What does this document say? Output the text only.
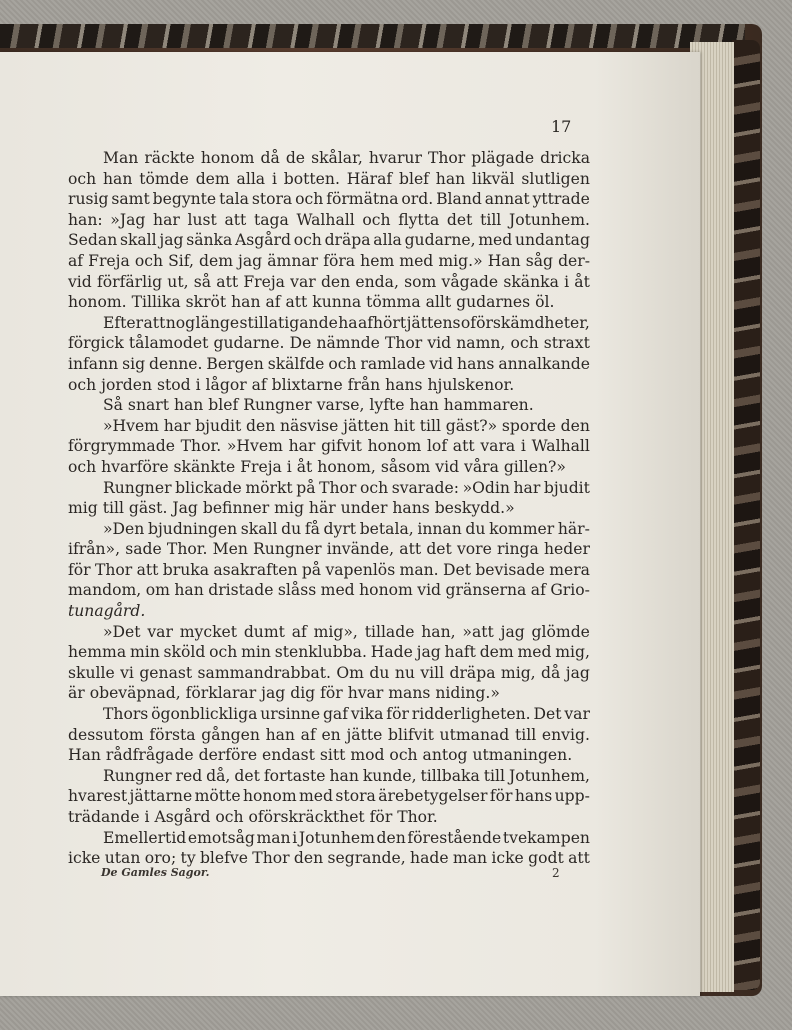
17
Man räckte honom då de skålar, hvarur Thor plägade dricka
och han tömde dem alla i botten. Häraf blef han likväl slutligen
rusig samt begynte tala stora och förmätna ord. Bland annat yttrade
han: »Jag har lust att taga Walhall och flytta det till Jotunhem.
Sedan skall jag sänka Asgård och dräpa alla gudarne, med undantag
af Freja och Sif, dem jag ämnar föra hem med mig.» Han såg der-
vid förfärlig ut, så att Freja var den enda, som vågade skänka i åt
honom. Tillika skröt han af att kunna tömma allt gudarnes öl.
Efter att nog länge stillatigande ha afhört jättens oförskämdheter,
förgick tålamodet gudarne. De nämnde Thor vid namn, och straxt
infann sig denne. Bergen skälfde och ramlade vid hans annalkande
och jorden stod i lågor af blixtarne från hans hjulskenor.
Så snart han blef Rungner varse, lyfte han hammaren.
»Hvem har bjudit den näsvise jätten hit till gäst?» sporde den
förgrymmade Thor. »Hvem har gifvit honom lof att vara i Walhall
och hvarföre skänkte Freja i åt honom, såsom vid våra gillen?»
Rungner blickade mörkt på Thor och svarade: »Odin har bjudit
mig till gäst. Jag befinner mig här under hans beskydd.»
»Den bjudningen skall du få dyrt betala, innan du kommer här-
ifrån», sade Thor. Men Rungner invände, att det vore ringa heder
för Thor att bruka asakraften på vapenlös man. Det bevisade mera
mandom, om han dristade slåss med honom vid gränserna af Grio-
tunagård.
»Det var mycket dumt af mig», tillade han, »att jag glömde
hemma min sköld och min stenklubba. Hade jag haft dem med mig,
skulle vi genast sammandrabbat. Om du nu vill dräpa mig, då jag
är obeväpnad, förklarar jag dig för hvar mans niding.»
Thors ögonblickliga ursinne gaf vika för ridderligheten. Det var
dessutom första gången han af en jätte blifvit utmanad till envig.
Han rådfrågade derföre endast sitt mod och antog utmaningen.
Rungner red då, det fortaste han kunde, tillbaka till Jotunhem,
hvarest jättarne mötte honom med stora ärebetygelser för hans upp-
trädande i Asgård och oförskräckthet för Thor.
Emellertid emotsåg man i Jotunhem den förestående tvekampen
icke utan oro; ty blefve Thor den segrande, hade man icke godt att
De Gamles Sagor.	2
